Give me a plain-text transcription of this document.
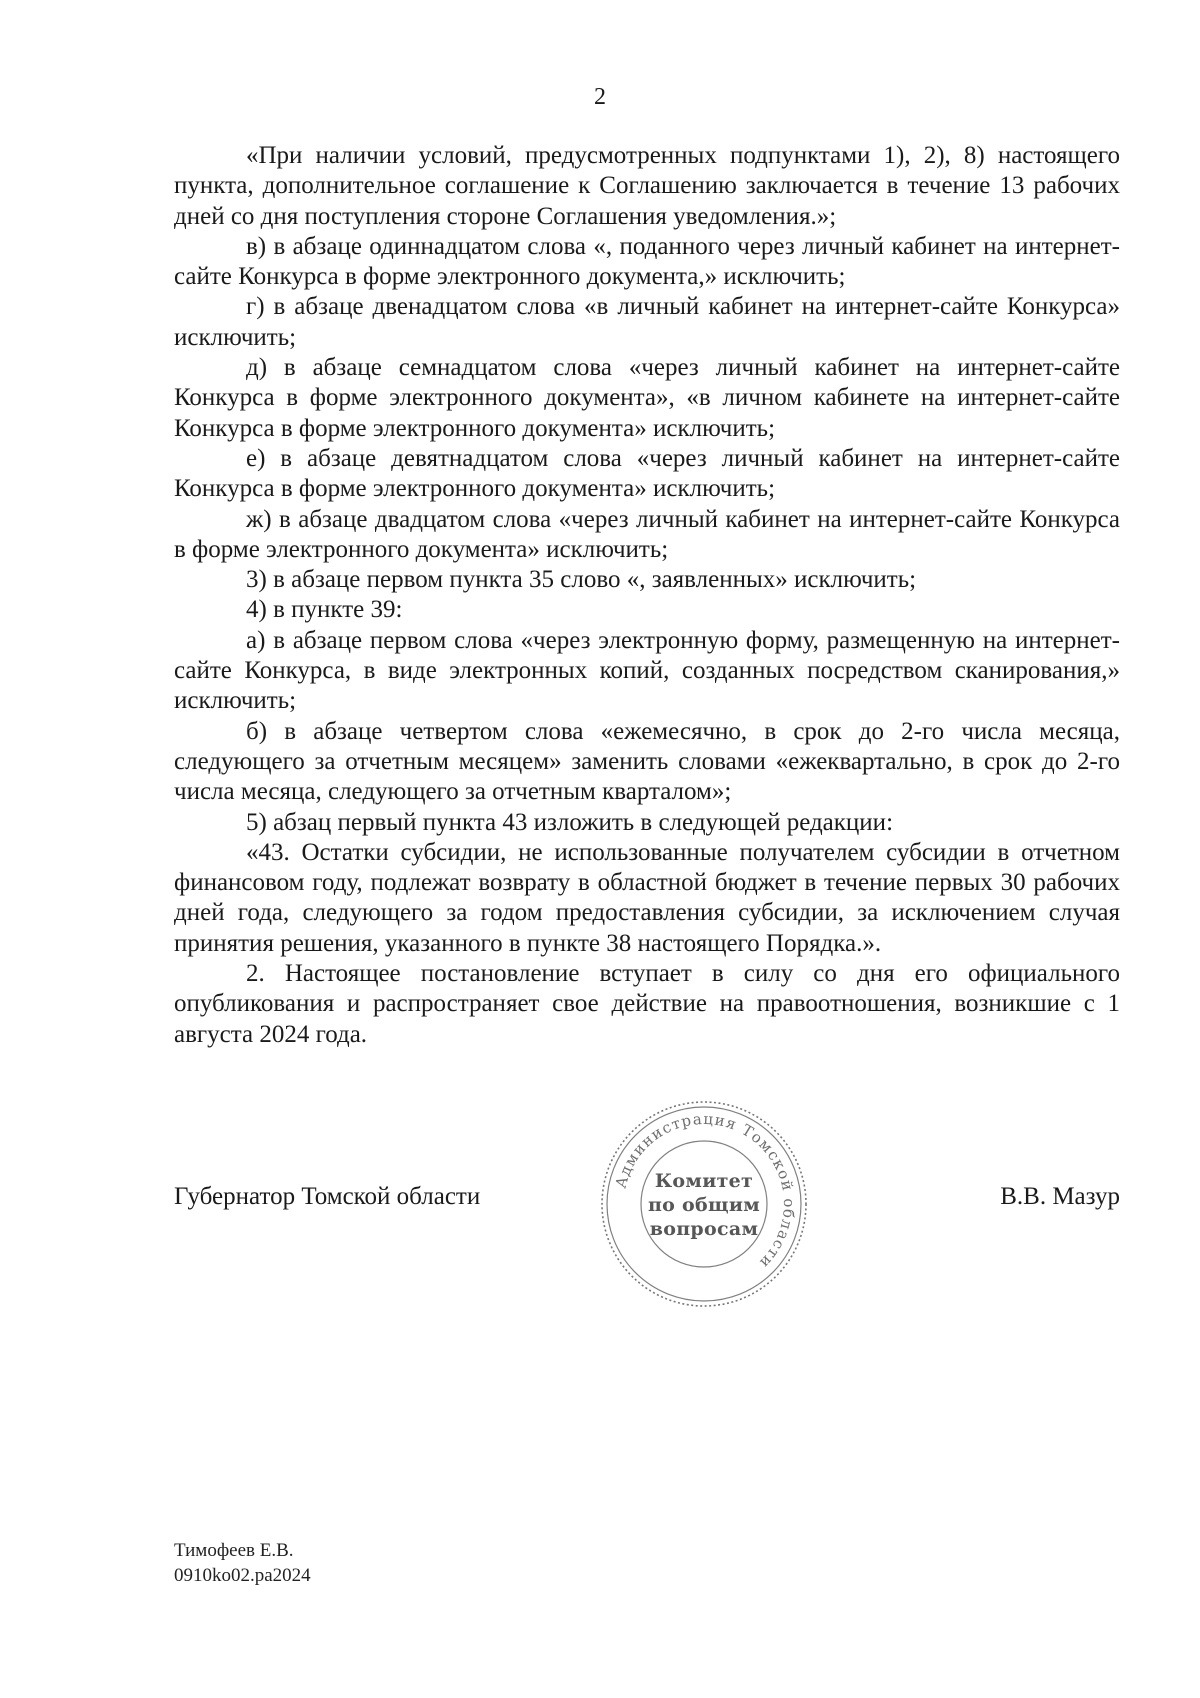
2

«При наличии условий, предусмотренных подпунктами 1), 2), 8) настоящего пункта, дополнительное соглашение к Соглашению заключается в течение 13 рабочих дней со дня поступления стороне Соглашения уведомления.»;

в) в абзаце одиннадцатом слова «, поданного через личный кабинет на интернет-сайте Конкурса в форме электронного документа,» исключить;

г) в абзаце двенадцатом слова «в личный кабинет на интернет-сайте Конкурса» исключить;

д) в абзаце семнадцатом слова «через личный кабинет на интернет-сайте Конкурса в форме электронного документа», «в личном кабинете на интернет-сайте Конкурса в форме электронного документа» исключить;

е) в абзаце девятнадцатом слова «через личный кабинет на интернет-сайте Конкурса в форме электронного документа» исключить;

ж) в абзаце двадцатом слова «через личный кабинет на интернет-сайте Конкурса в форме электронного документа» исключить;

3) в абзаце первом пункта 35 слово «, заявленных» исключить;

4) в пункте 39:

а) в абзаце первом слова «через электронную форму, размещенную на интернет-сайте Конкурса, в виде электронных копий, созданных посредством сканирования,» исключить;

б) в абзаце четвертом слова «ежемесячно, в срок до 2-го числа месяца, следующего за отчетным месяцем» заменить словами «ежеквартально, в срок до 2-го числа месяца, следующего за отчетным кварталом»;

5) абзац первый пункта 43 изложить в следующей редакции:

«43. Остатки субсидии, не использованные получателем субсидии в отчетном финансовом году, подлежат возврату в областной бюджет в течение первых 30 рабочих дней года, следующего за годом предоставления субсидии, за исключением случая принятия решения, указанного в пункте 38 настоящего Порядка.».

2. Настоящее постановление вступает в силу со дня его официального опубликования и распространяет свое действие на правоотношения, возникшие с 1 августа 2024 года.

Губернатор Томской области	В.В. Мазур
Администрация Томской области
Комитет
по общим
вопросам
Тимофеев Е.В.
0910ko02.pa2024
